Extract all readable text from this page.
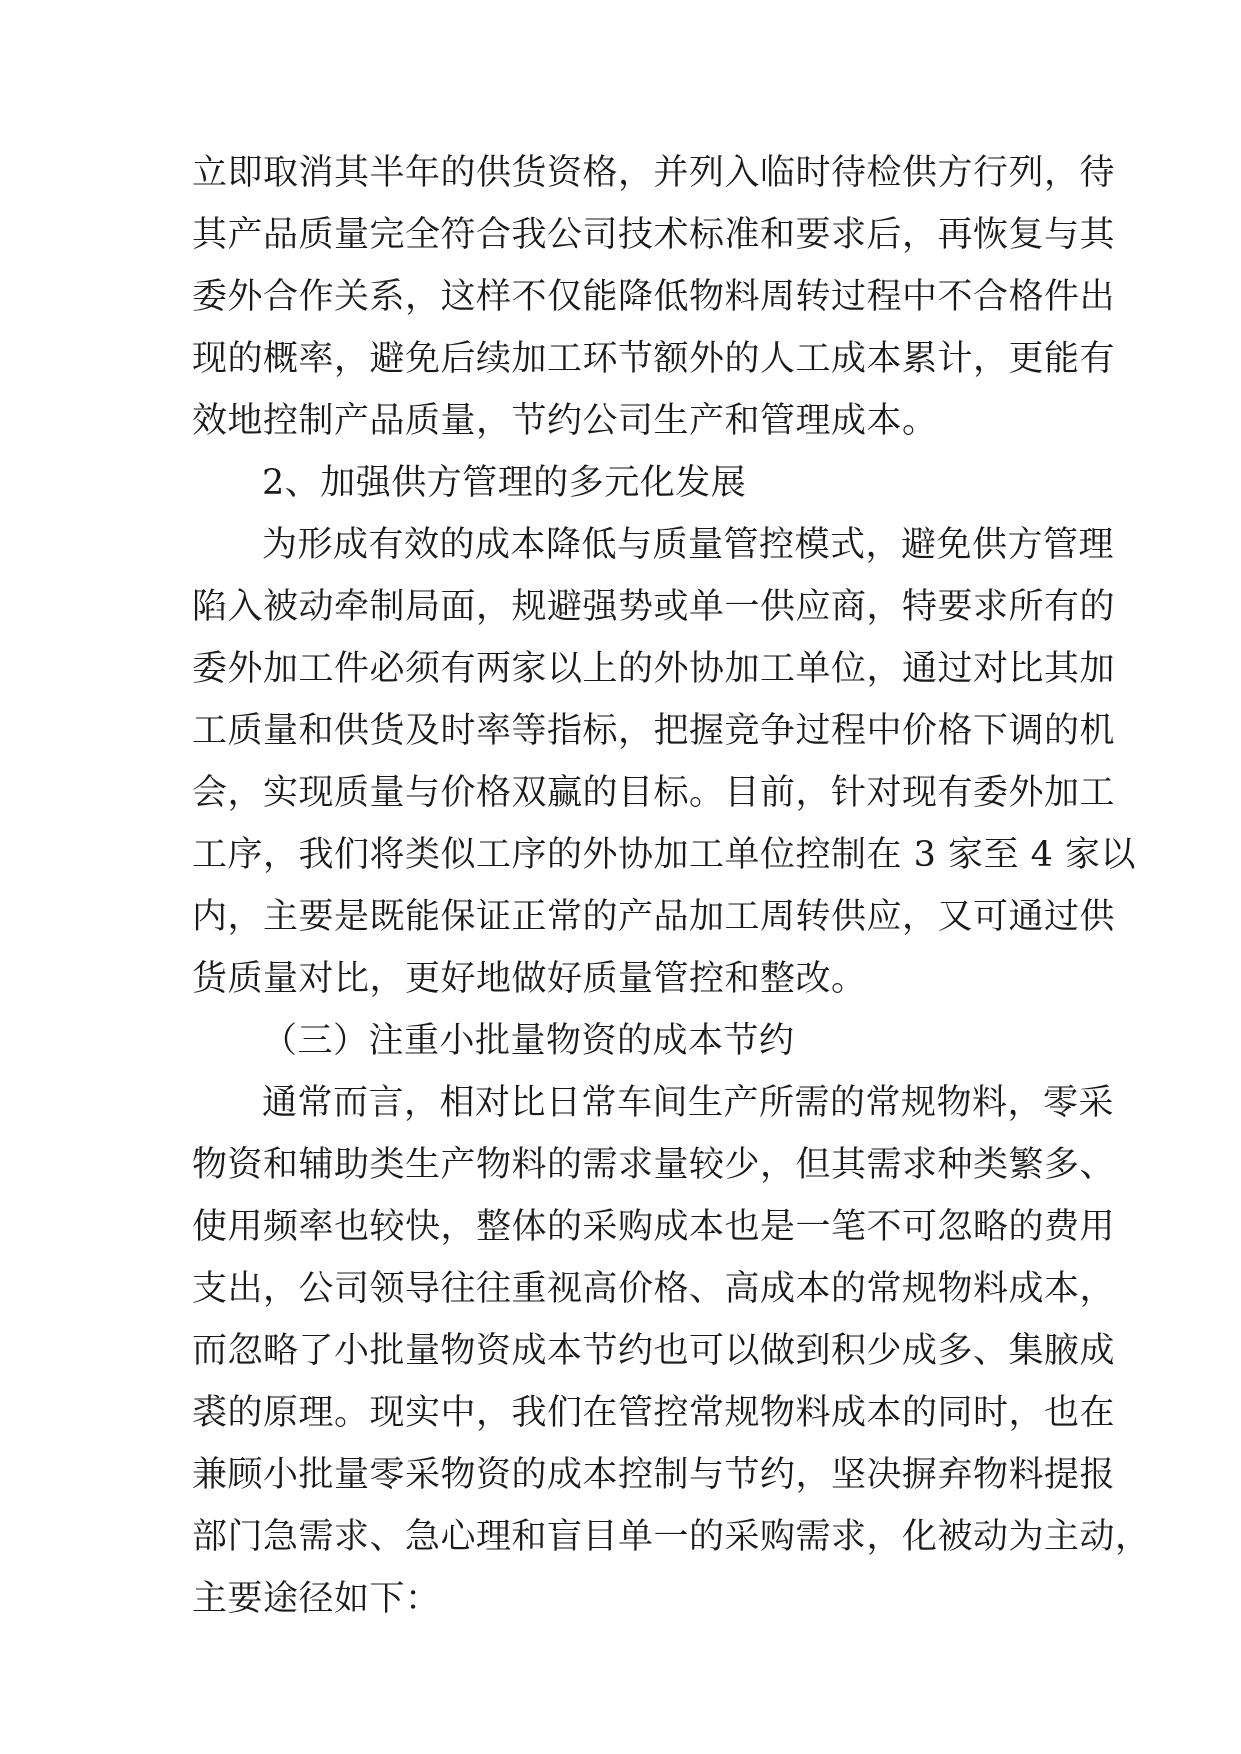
立即取消其半年的供货资格，并列入临时待检供方行列，待
其产品质量完全符合我公司技术标准和要求后，再恢复与其
委外合作关系，这样不仅能降低物料周转过程中不合格件出
现的概率，避免后续加工环节额外的人工成本累计，更能有
效地控制产品质量，节约公司生产和管理成本。
2、加强供方管理的多元化发展
为形成有效的成本降低与质量管控模式，避免供方管理
陷入被动牵制局面，规避强势或单一供应商，特要求所有的
委外加工件必须有两家以上的外协加工单位，通过对比其加
工质量和供货及时率等指标，把握竞争过程中价格下调的机
会，实现质量与价格双赢的目标。目前，针对现有委外加工
工序，我们将类似工序的外协加工单位控制在 3 家至 4 家以
内，主要是既能保证正常的产品加工周转供应，又可通过供
货质量对比，更好地做好质量管控和整改。
（三）注重小批量物资的成本节约
通常而言，相对比日常车间生产所需的常规物料，零采
物资和辅助类生产物料的需求量较少，但其需求种类繁多、
使用频率也较快，整体的采购成本也是一笔不可忽略的费用
支出，公司领导往往重视高价格、高成本的常规物料成本，
而忽略了小批量物资成本节约也可以做到积少成多、集腋成
裘的原理。现实中，我们在管控常规物料成本的同时，也在
兼顾小批量零采物资的成本控制与节约，坚决摒弃物料提报
部门急需求、急心理和盲目单一的采购需求，化被动为主动，
主要途径如下：
